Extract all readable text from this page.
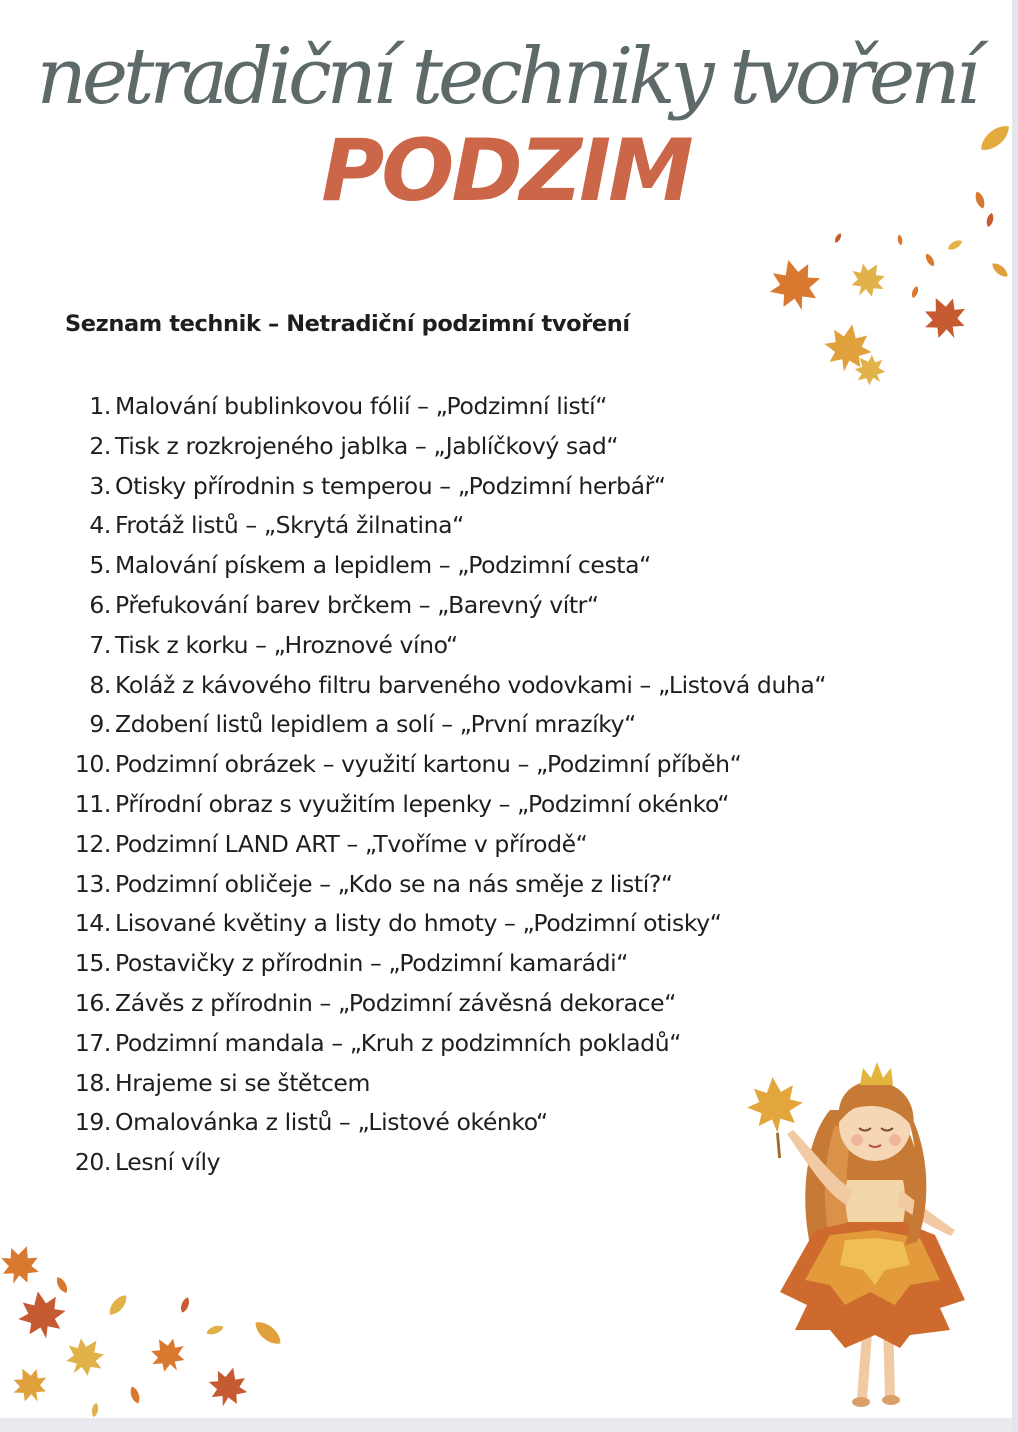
netradiční techniky tvoření
PODZIM
Seznam technik – Netradiční podzimní tvoření
1. Malování bublinkovou fólií – „Podzimní listí“
2. Tisk z rozkrojeného jablka – „Jablíčkový sad“
3. Otisky přírodnin s temperou – „Podzimní herbář“
4. Frotáž listů – „Skrytá žilnatina“
5. Malování pískem a lepidlem – „Podzimní cesta“
6. Přefukování barev brčkem – „Barevný vítr“
7. Tisk z korku – „Hroznové víno“
8. Koláž z kávového filtru barveného vodovkami – „Listová duha“
9. Zdobení listů lepidlem a solí – „První mrazíky“
10. Podzimní obrázek – využití kartonu – „Podzimní příběh“
11. Přírodní obraz s využitím lepenky – „Podzimní okénko“
12. Podzimní LAND ART – „Tvoříme v přírodě“
13. Podzimní obličeje – „Kdo se na nás směje z listí?“
14. Lisované květiny a listy do hmoty – „Podzimní otisky“
15. Postavičky z přírodnin – „Podzimní kamarádi“
16. Závěs z přírodnin – „Podzimní závěsná dekorace“
17. Podzimní mandala – „Kruh z podzimních pokladů“
18. Hrajeme si se štětcem
19. Omalovánka z listů – „Listové okénko“
20. Lesní víly
